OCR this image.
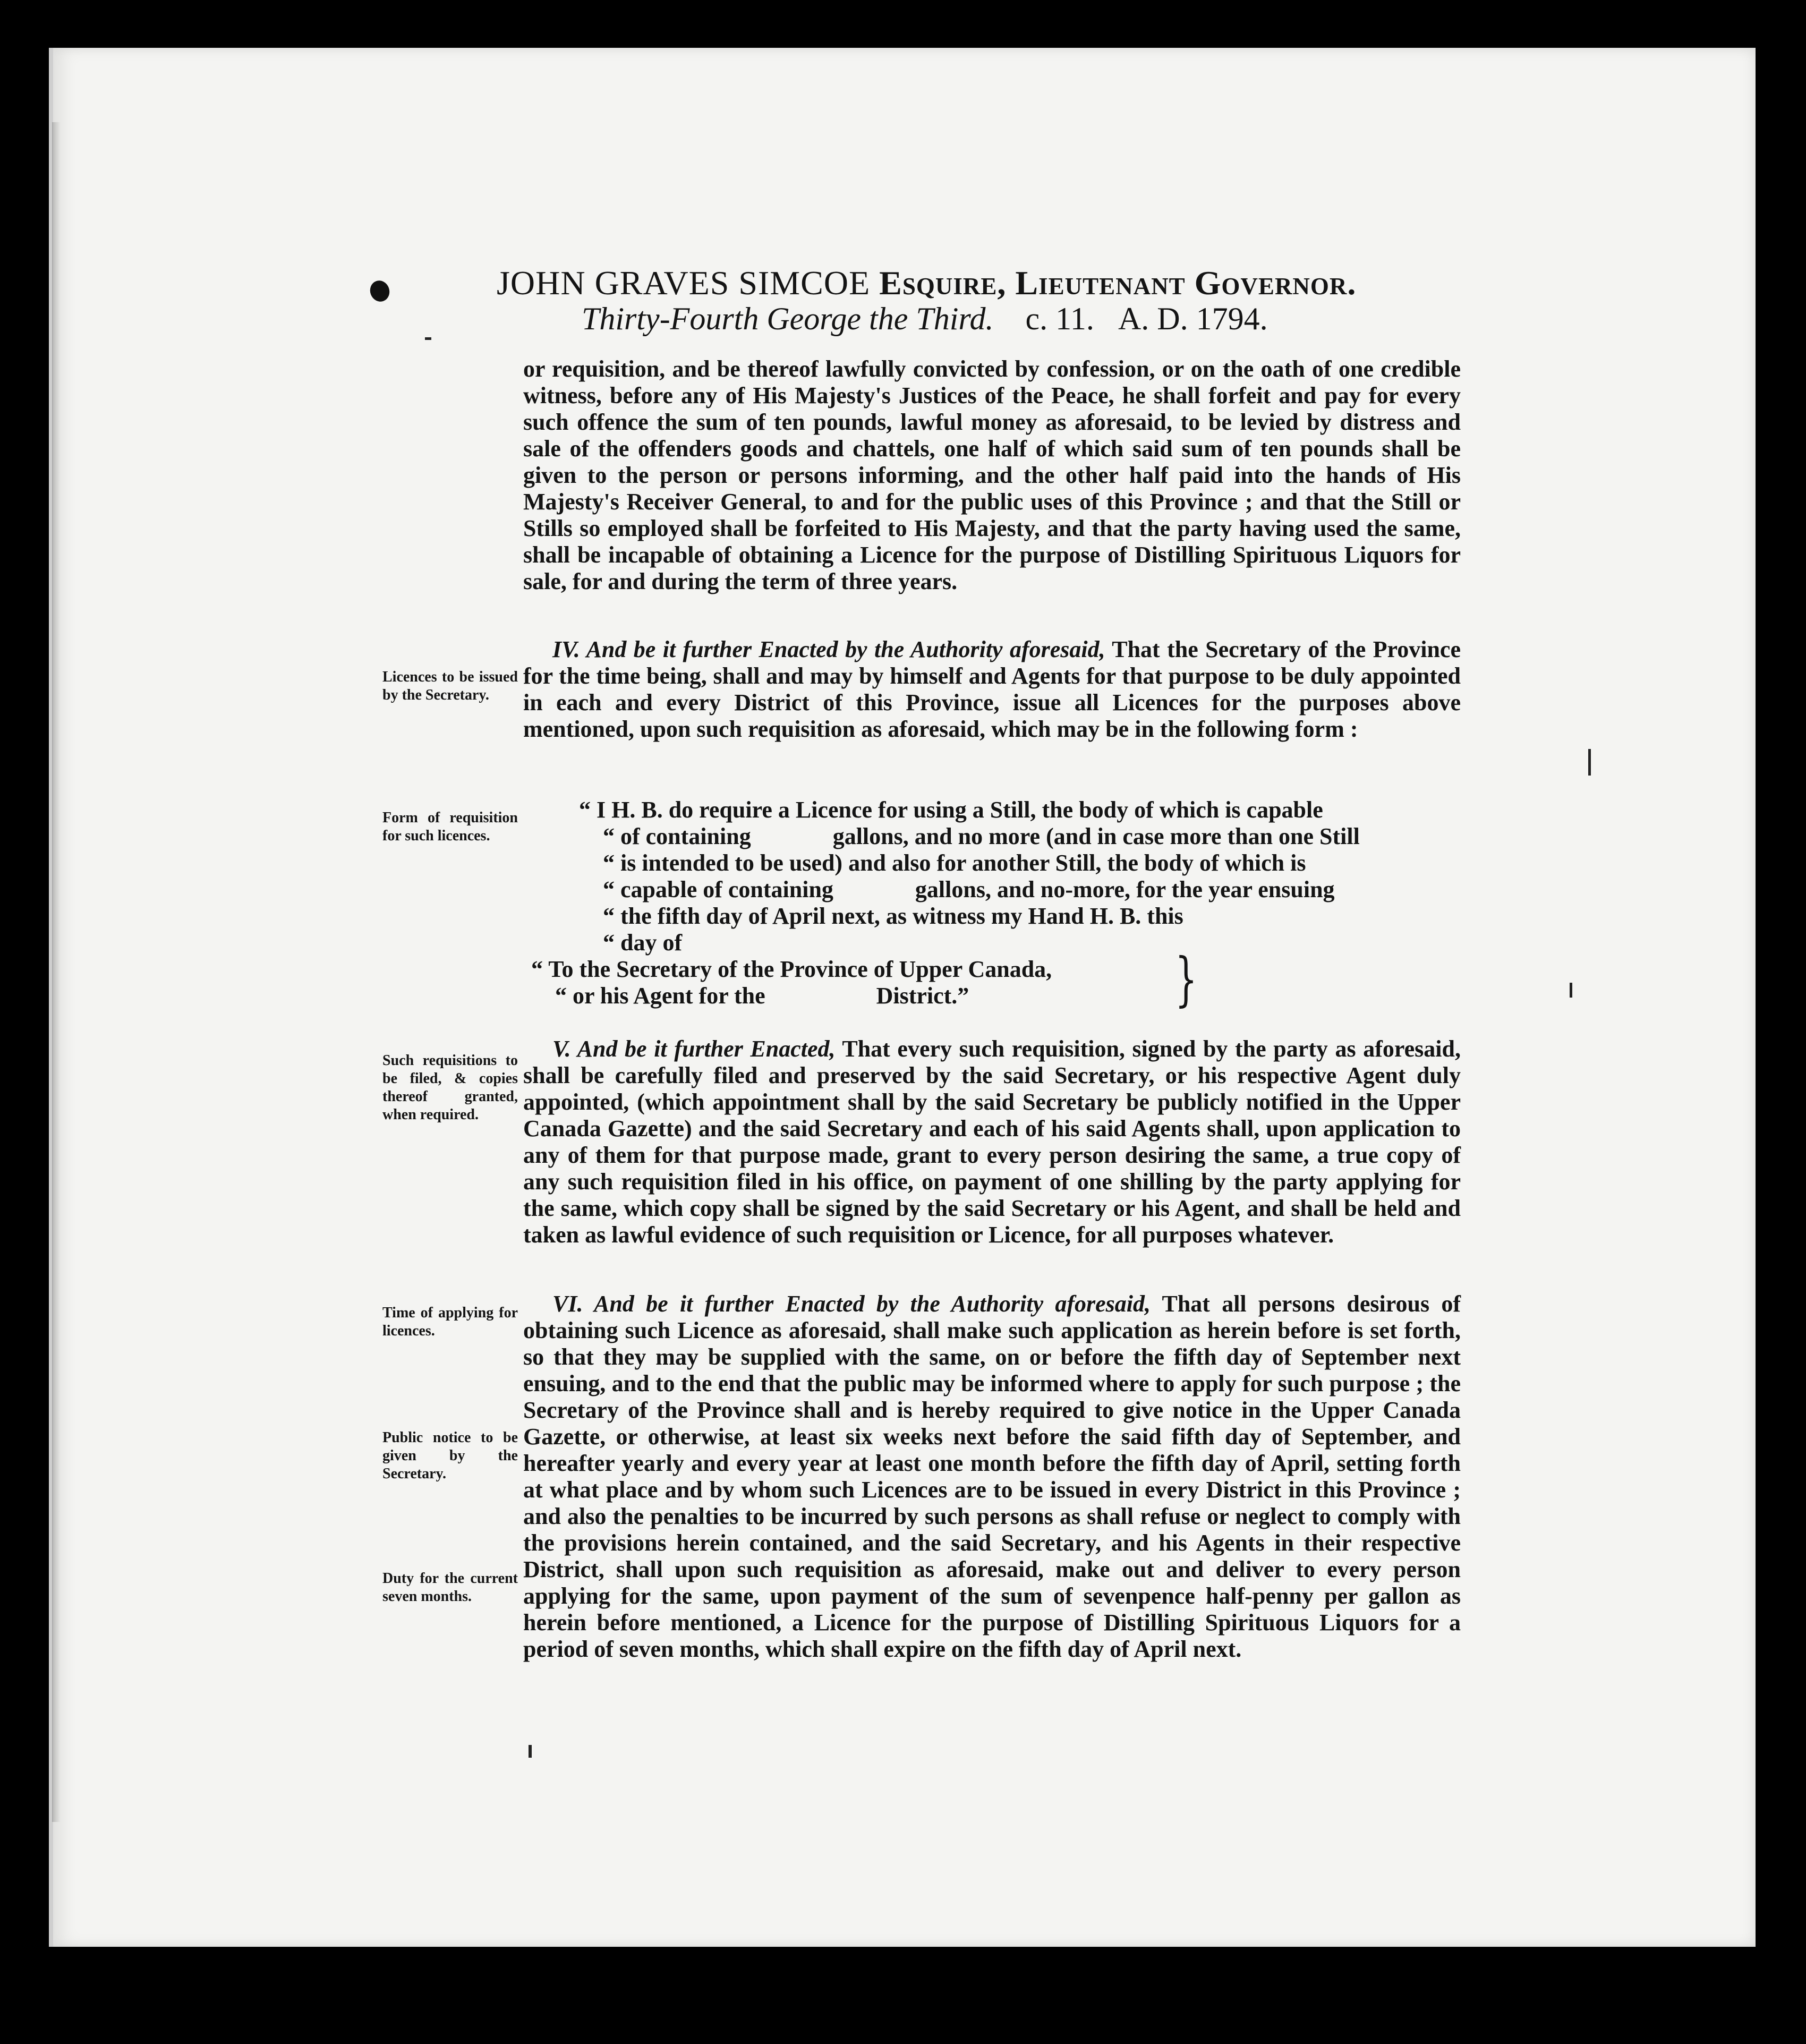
JOHN GRAVES SIMCOE Esquire, Lieutenant Governor.
Thirty-Fourth George the Third. c. 11. A. D. 1794.

or requisition, and be thereof lawfully convicted by confession, or on the oath of one credible witness, before any of His Majesty's Justices of the Peace, he shall forfeit and pay for every such offence the sum of ten pounds, lawful money as aforesaid, to be levied by distress and sale of the offenders goods and chattels, one half of which said sum of ten pounds shall be given to the person or persons informing, and the other half paid into the hands of His Majesty's Receiver General, to and for the public uses of this Province ; and that the Still or Stills so employed shall be forfeited to His Majesty, and that the party having used the same, shall be incapable of obtaining a Licence for the purpose of Distilling Spirituous Liquors for sale, for and during the term of three years.

Licences to be issued by the Secretary.

IV. And be it further Enacted by the Authority aforesaid, That the Secretary of the Province for the time being, shall and may by himself and Agents for that purpose to be duly appointed in each and every District of this Province, issue all Licences for the purposes above mentioned, upon such requisition as aforesaid, which may be in the following form :

Form of requisition for such licences.
“ I H. B. do require a Licence for using a Still, the body of which is capable
“ of containing              gallons, and no more (and in case more than one Still
“ is intended to be used) and also for another Still, the body of which is
“ capable of containing              gallons, and no-more, for the year ensuing
“ the fifth day of April next, as witness my Hand H. B. this
“ day of
“ To the Secretary of the Province of Upper Canada,
“ or his Agent for the                   District.”	}
Such requisitions to be filed, & copies thereof granted, when required.

V. And be it further Enacted, That every such requisition, signed by the party as aforesaid, shall be carefully filed and preserved by the said Secretary, or his respective Agent duly appointed, (which appointment shall by the said Secretary be publicly notified in the Upper Canada Gazette) and the said Secretary and each of his said Agents shall, upon application to any of them for that purpose made, grant to every person desiring the same, a true copy of any such requisition filed in his office, on payment of one shilling by the party applying for the same, which copy shall be signed by the said Secretary or his Agent, and shall be held and taken as lawful evidence of such requisition or Licence, for all purposes whatever.

Time of applying for licences.
Public notice to be given by the Secretary.
Duty for the current seven months.

VI. And be it further Enacted by the Authority aforesaid, That all persons desirous of obtaining such Licence as aforesaid, shall make such application as herein before is set forth, so that they may be supplied with the same, on or before the fifth day of September next ensuing, and to the end that the public may be informed where to apply for such purpose ; the Secretary of the Province shall and is hereby required to give notice in the Upper Canada Gazette, or otherwise, at least six weeks next before the said fifth day of September, and hereafter yearly and every year at least one month before the fifth day of April, setting forth at what place and by whom such Licences are to be issued in every District in this Province ; and also the penalties to be incurred by such persons as shall refuse or neglect to comply with the provisions herein contained, and the said Secretary, and his Agents in their respective District, shall upon such requisition as aforesaid, make out and deliver to every person applying for the same, upon payment of the sum of sevenpence half-penny per gallon as herein before mentioned, a Licence for the purpose of Distilling Spirituous Liquors for a period of seven months, which shall expire on the fifth day of April next.
